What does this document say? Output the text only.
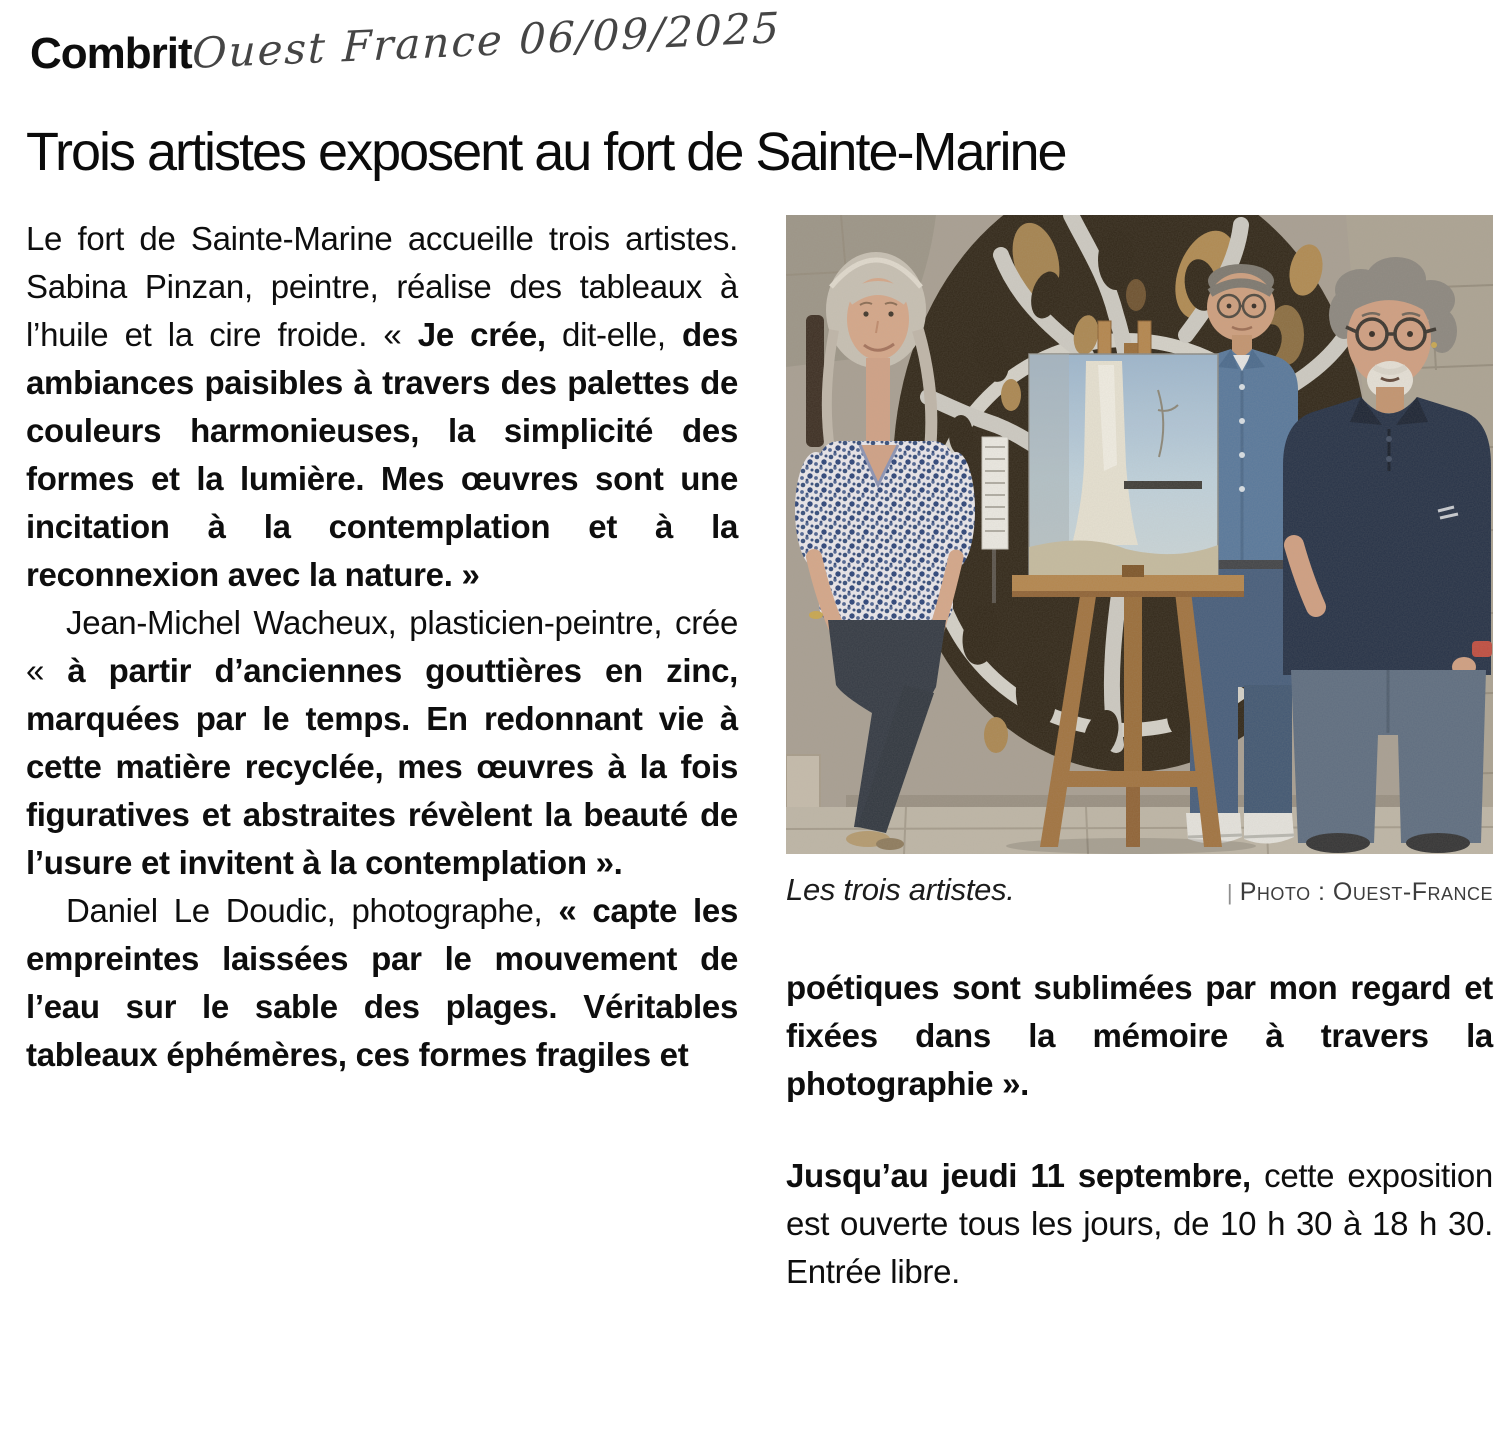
Combrit Ouest France 06/09/2025
Trois artistes exposent au fort de Sainte-Marine

Le fort de Sainte-Marine accueille trois artistes. Sabina Pinzan, peintre, réalise des tableaux à l’huile et la cire froide. « Je crée, dit-elle, des ambiances paisibles à travers des palettes de couleurs harmonieuses, la simplicité des formes et la lumière. Mes œuvres sont une incitation à la contemplation et à la reconnexion avec la nature. »

Jean-Michel Wacheux, plasticien-peintre, crée « à partir d’anciennes gouttières en zinc, marquées par le temps. En redonnant vie à cette matière recyclée, mes œuvres à la fois figuratives et abstraites révèlent la beauté de l’usure et invitent à la contemplation ».

Daniel Le Doudic, photographe, « capte les empreintes laissées par le mouvement de l’eau sur le sable des plages. Véritables tableaux éphémères, ces formes fragiles et

Les trois artistes.	| Photo : Ouest-France

poétiques sont sublimées par mon regard et fixées dans la mémoire à travers la photographie ».

Jusqu’au jeudi 11 septembre, cette exposition est ouverte tous les jours, de 10 h 30 à 18 h 30. Entrée libre.
